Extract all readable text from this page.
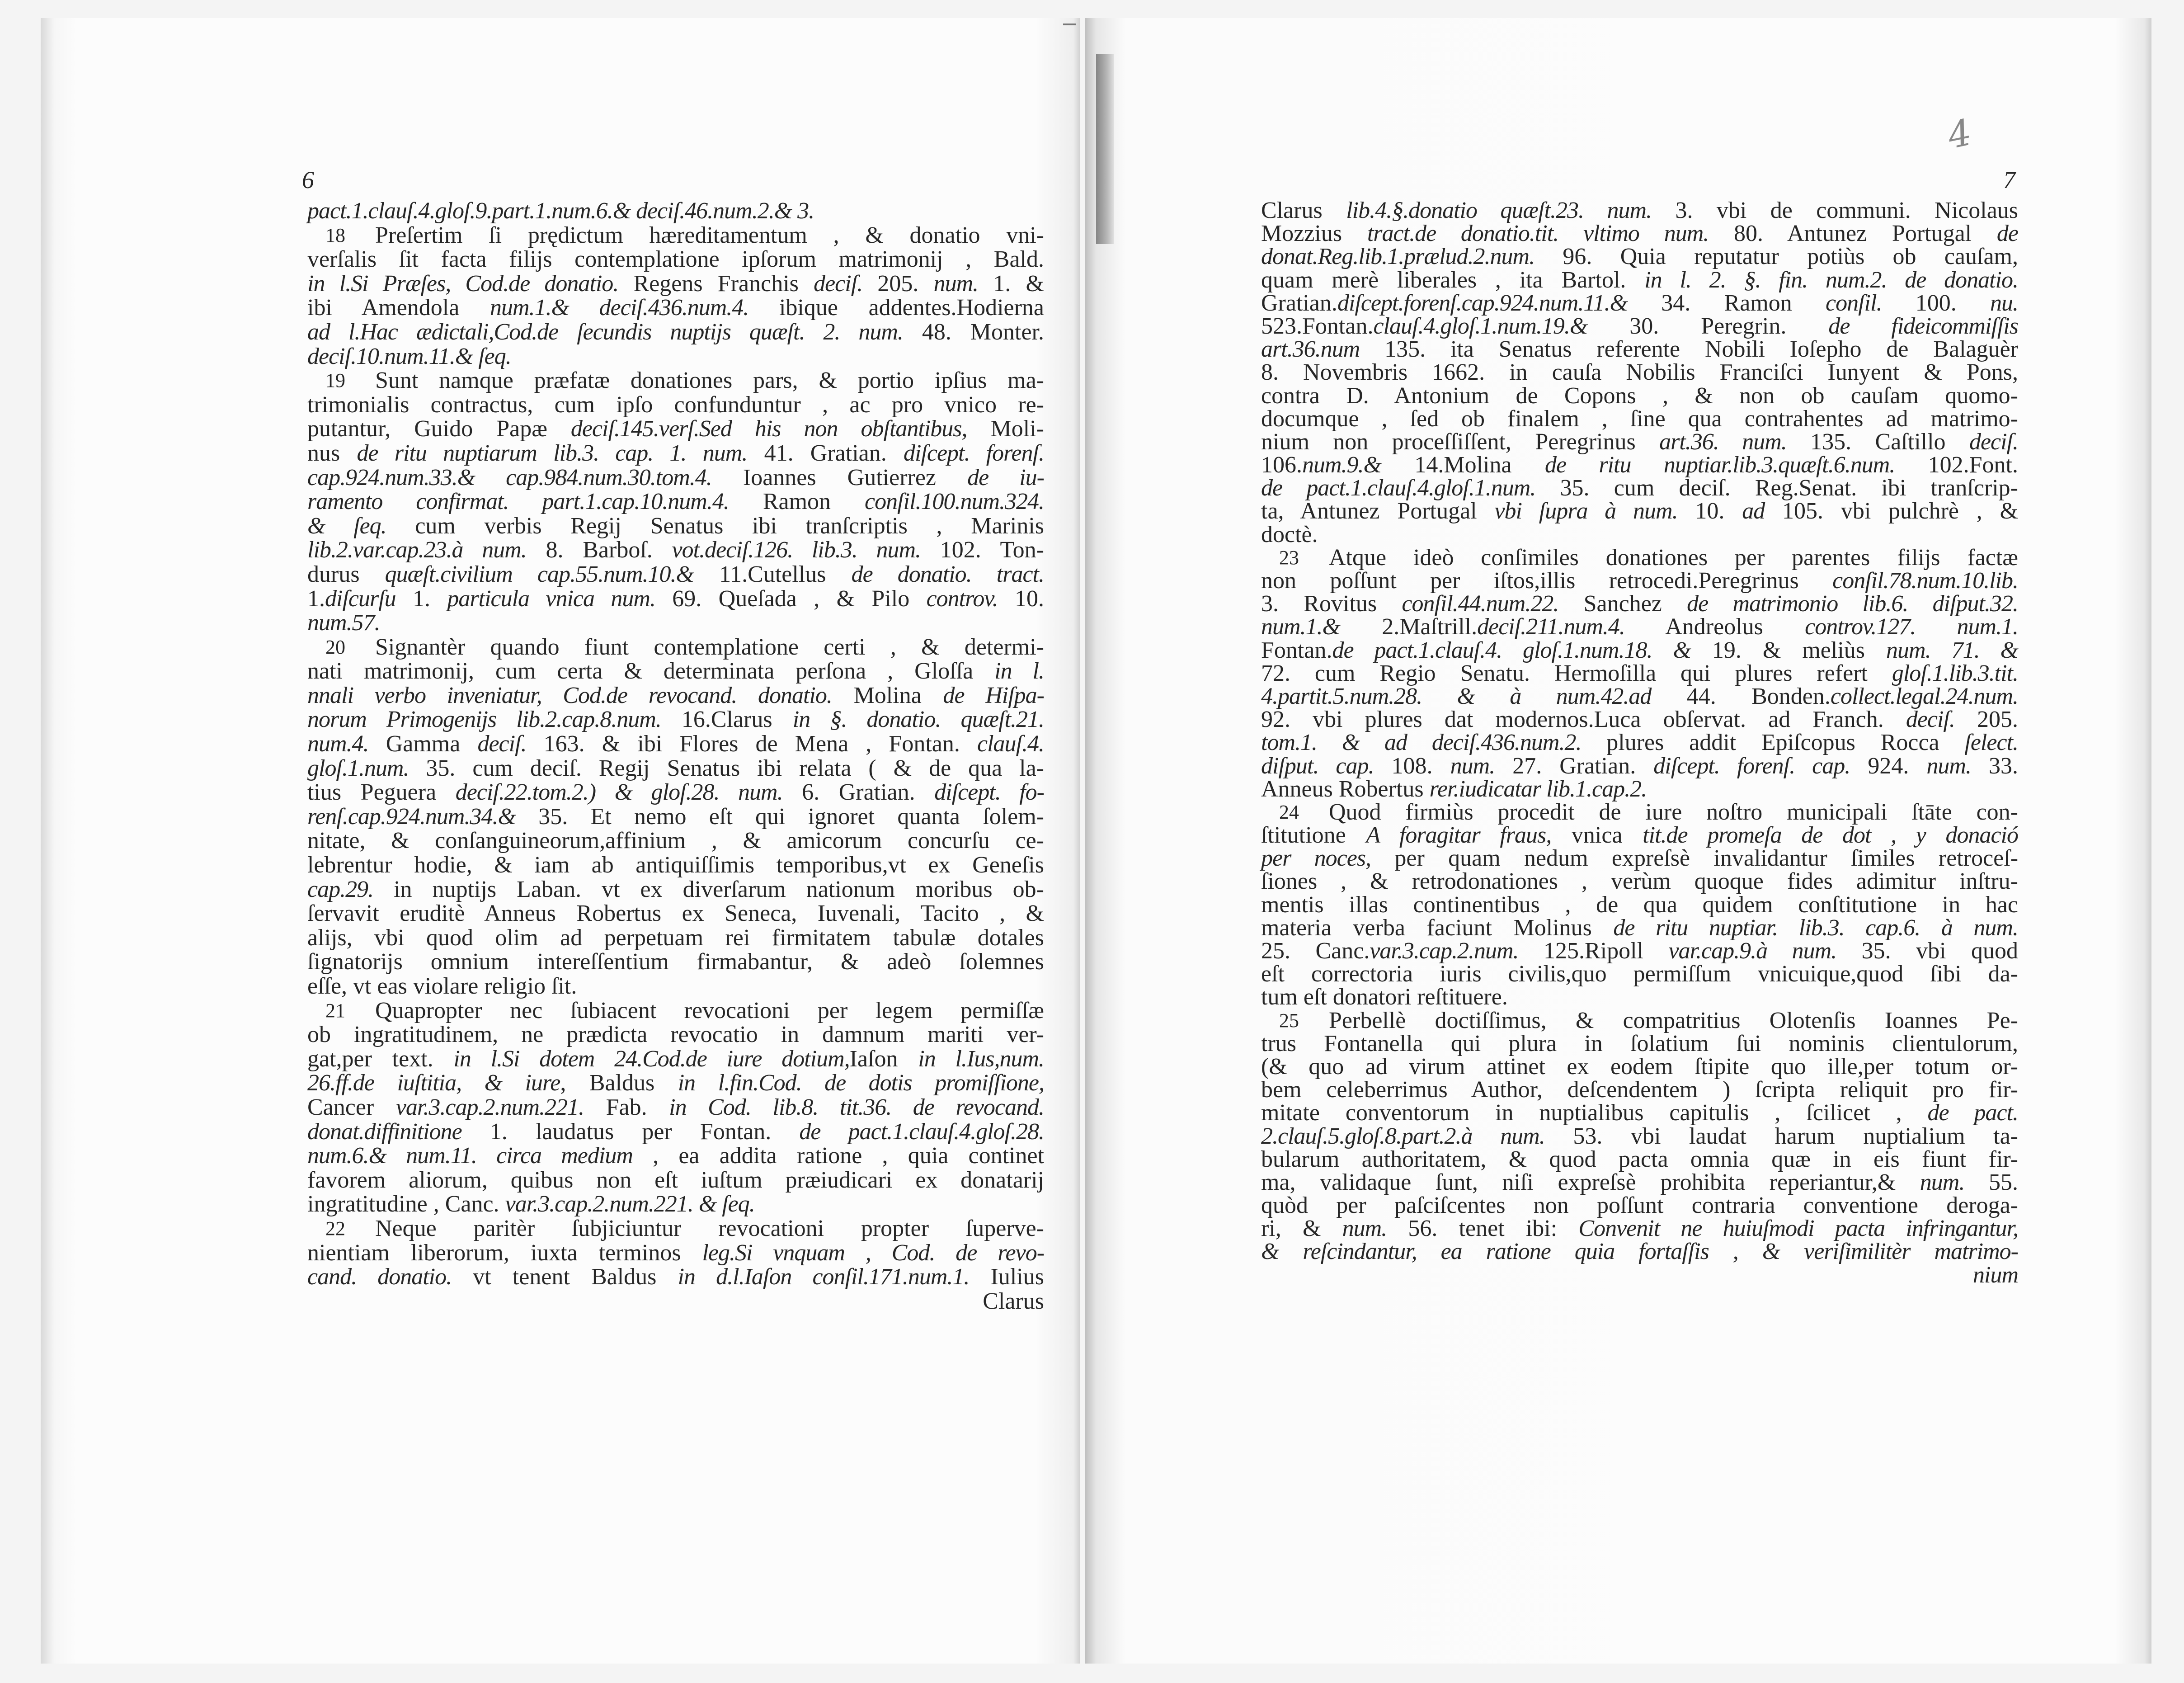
6	7
4
pact.1.clauſ.4.gloſ.9.part.1.num.6.& deciſ.46.num.2.& 3.
18 Preſertim ſi prędictum hæreditamentum , & donatio vni-
verſalis ſit facta filijs contemplatione ipſorum matrimonij , Bald.
in l.Si Præſes, Cod.de donatio. Regens Franchis deciſ. 205. num. 1. &
ibi Amendola num.1.& deciſ.436.num.4. ibique addentes.Hodierna
ad l.Hac ædictali,Cod.de ſecundis nuptijs quæſt. 2. num. 48. Monter.
deciſ.10.num.11.& ſeq.
19 Sunt namque præfatæ donationes pars, & portio ipſius ma-
trimonialis contractus, cum ipſo confunduntur , ac pro vnico re-
putantur, Guido Papæ deciſ.145.verſ.Sed his non obſtantibus, Moli-
nus de ritu nuptiarum lib.3. cap. 1. num. 41. Gratian. diſcept. forenſ.
cap.924.num.33.& cap.984.num.30.tom.4. Ioannes Gutierrez de iu-
ramento confirmat. part.1.cap.10.num.4. Ramon conſil.100.num.324.
& ſeq. cum verbis Regij Senatus ibi tranſcriptis , Marinis
lib.2.var.cap.23.à num. 8. Barboſ. vot.deciſ.126. lib.3. num. 102. Ton-
durus quæſt.civilium cap.55.num.10.& 11.Cutellus de donatio. tract.
1.diſcurſu 1. particula vnica num. 69. Queſada , & Pilo controv. 10.
num.57.
20 Signantèr quando fiunt contemplatione certi , & determi-
nati matrimonij, cum certa & determinata perſona , Gloſſa in l.
nnali verbo inveniatur, Cod.de revocand. donatio. Molina de Hiſpa-
norum Primogenijs lib.2.cap.8.num. 16.Clarus in §. donatio. quæſt.21.
num.4. Gamma deciſ. 163. & ibi Flores de Mena , Fontan. clauſ.4.
gloſ.1.num. 35. cum deciſ. Regij Senatus ibi relata ( & de qua la-
tius Peguera deciſ.22.tom.2.) & gloſ.28. num. 6. Gratian. diſcept. fo-
renſ.cap.924.num.34.& 35. Et nemo eſt qui ignoret quanta ſolem-
nitate, & conſanguineorum,affinium , & amicorum concurſu ce-
lebrentur hodie, & iam ab antiquiſſimis temporibus,vt ex Geneſis
cap.29. in nuptijs Laban. vt ex diverſarum nationum moribus ob-
ſervavit eruditè Anneus Robertus ex Seneca, Iuvenali, Tacito , &
alijs, vbi quod olim ad perpetuam rei firmitatem tabulæ dotales
ſignatorijs omnium intereſſentium firmabantur, & adeò ſolemnes
eſſe, vt eas violare religio ſit.
21 Quapropter nec ſubiacent revocationi per legem permiſſæ
ob ingratitudinem, ne prædicta revocatio in damnum mariti ver-
gat,per text. in l.Si dotem 24.Cod.de iure dotium,Iaſon in l.Ius,num.
26.ff.de iuſtitia, & iure, Baldus in l.fin.Cod. de dotis promiſſione,
Cancer var.3.cap.2.num.221. Fab. in Cod. lib.8. tit.36. de revocand.
donat.diffinitione 1. laudatus per Fontan. de pact.1.clauſ.4.gloſ.28.
num.6.& num.11. circa medium , ea addita ratione , quia continet
favorem aliorum, quibus non eſt iuſtum præiudicari ex donatarij
ingratitudine , Canc. var.3.cap.2.num.221. & ſeq.
22 Neque paritèr ſubjiciuntur revocationi propter ſuperve-
nientiam liberorum, iuxta terminos leg.Si vnquam , Cod. de revo-
cand. donatio. vt tenent Baldus in d.l.Iaſon conſil.171.num.1. Iulius
Clarus
Clarus lib.4.§.donatio quæſt.23. num. 3. vbi de communi. Nicolaus
Mozzius tract.de donatio.tit. vltimo num. 80. Antunez Portugal de
donat.Reg.lib.1.prælud.2.num. 96. Quia reputatur potiùs ob cauſam,
quam merè liberales , ita Bartol. in l. 2. §. fin. num.2. de donatio.
Gratian.diſcept.forenſ.cap.924.num.11.& 34. Ramon conſil. 100. nu.
523.Fontan.clauſ.4.gloſ.1.num.19.& 30. Peregrin. de fideicommiſſis
art.36.num 135. ita Senatus referente Nobili Ioſepho de Balaguèr
8. Novembris 1662. in cauſa Nobilis Franciſci Iunyent & Pons,
contra D. Antonium de Copons , & non ob cauſam quomo-
documque , ſed ob finalem , ſine qua contrahentes ad matrimo-
nium non proceſſiſſent, Peregrinus art.36. num. 135. Caſtillo deciſ.
106.num.9.& 14.Molina de ritu nuptiar.lib.3.quæſt.6.num. 102.Font.
de pact.1.clauſ.4.gloſ.1.num. 35. cum deciſ. Reg.Senat. ibi tranſcrip-
ta, Antunez Portugal vbi ſupra à num. 10. ad 105. vbi pulchrè , &
doctè.
23 Atque ideò conſimiles donationes per parentes filijs factæ
non poſſunt per iſtos,illis retrocedi.Peregrinus conſil.78.num.10.lib.
3. Rovitus conſil.44.num.22. Sanchez de matrimonio lib.6. diſput.32.
num.1.& 2.Maſtrill.deciſ.211.num.4. Andreolus controv.127. num.1.
Fontan.de pact.1.clauſ.4. gloſ.1.num.18. & 19. & meliùs num. 71. &
72. cum Regio Senatu. Hermoſilla qui plures refert gloſ.1.lib.3.tit.
4.partit.5.num.28. & à num.42.ad 44. Bonden.collect.legal.24.num.
92. vbi plures dat modernos.Luca obſervat. ad Franch. deciſ. 205.
tom.1. & ad deciſ.436.num.2. plures addit Epiſcopus Rocca ſelect.
diſput. cap. 108. num. 27. Gratian. diſcept. forenſ. cap. 924. num. 33.
Anneus Robertus rer.iudicatar lib.1.cap.2.
24 Quod firmiùs procedit de iure noſtro municipali ſtāte con-
ſtitutione A foragitar fraus, vnica tit.de promeſa de dot , y donació
per noces, per quam nedum expreſsè invalidantur ſimiles retroceſ-
ſiones , & retrodonationes , verùm quoque fides adimitur inſtru-
mentis illas continentibus , de qua quidem conſtitutione in hac
materia verba faciunt Molinus de ritu nuptiar. lib.3. cap.6. à num.
25. Canc.var.3.cap.2.num. 125.Ripoll var.cap.9.à num. 35. vbi quod
eſt correctoria iuris civilis,quo permiſſum vnicuique,quod ſibi da-
tum eſt donatori reſtituere.
25 Perbellè doctiſſimus, & compatritius Olotenſis Ioannes Pe-
trus Fontanella qui plura in ſolatium ſui nominis clientulorum,
(& quo ad virum attinet ex eodem ſtipite quo ille,per totum or-
bem celeberrimus Author, deſcendentem ) ſcripta reliquit pro fir-
mitate conventorum in nuptialibus capitulis , ſcilicet , de pact.
2.clauſ.5.gloſ.8.part.2.à num. 53. vbi laudat harum nuptialium ta-
bularum authoritatem, & quod pacta omnia quæ in eis fiunt fir-
ma, validaque ſunt, niſi expreſsè prohibita reperiantur,& num. 55.
quòd per paſciſcentes non poſſunt contraria conventione deroga-
ri, & num. 56. tenet ibi: Convenit ne huiuſmodi pacta infringantur,
& reſcindantur, ea ratione quia fortaſſis , & veriſimilitèr matrimo-
nium
